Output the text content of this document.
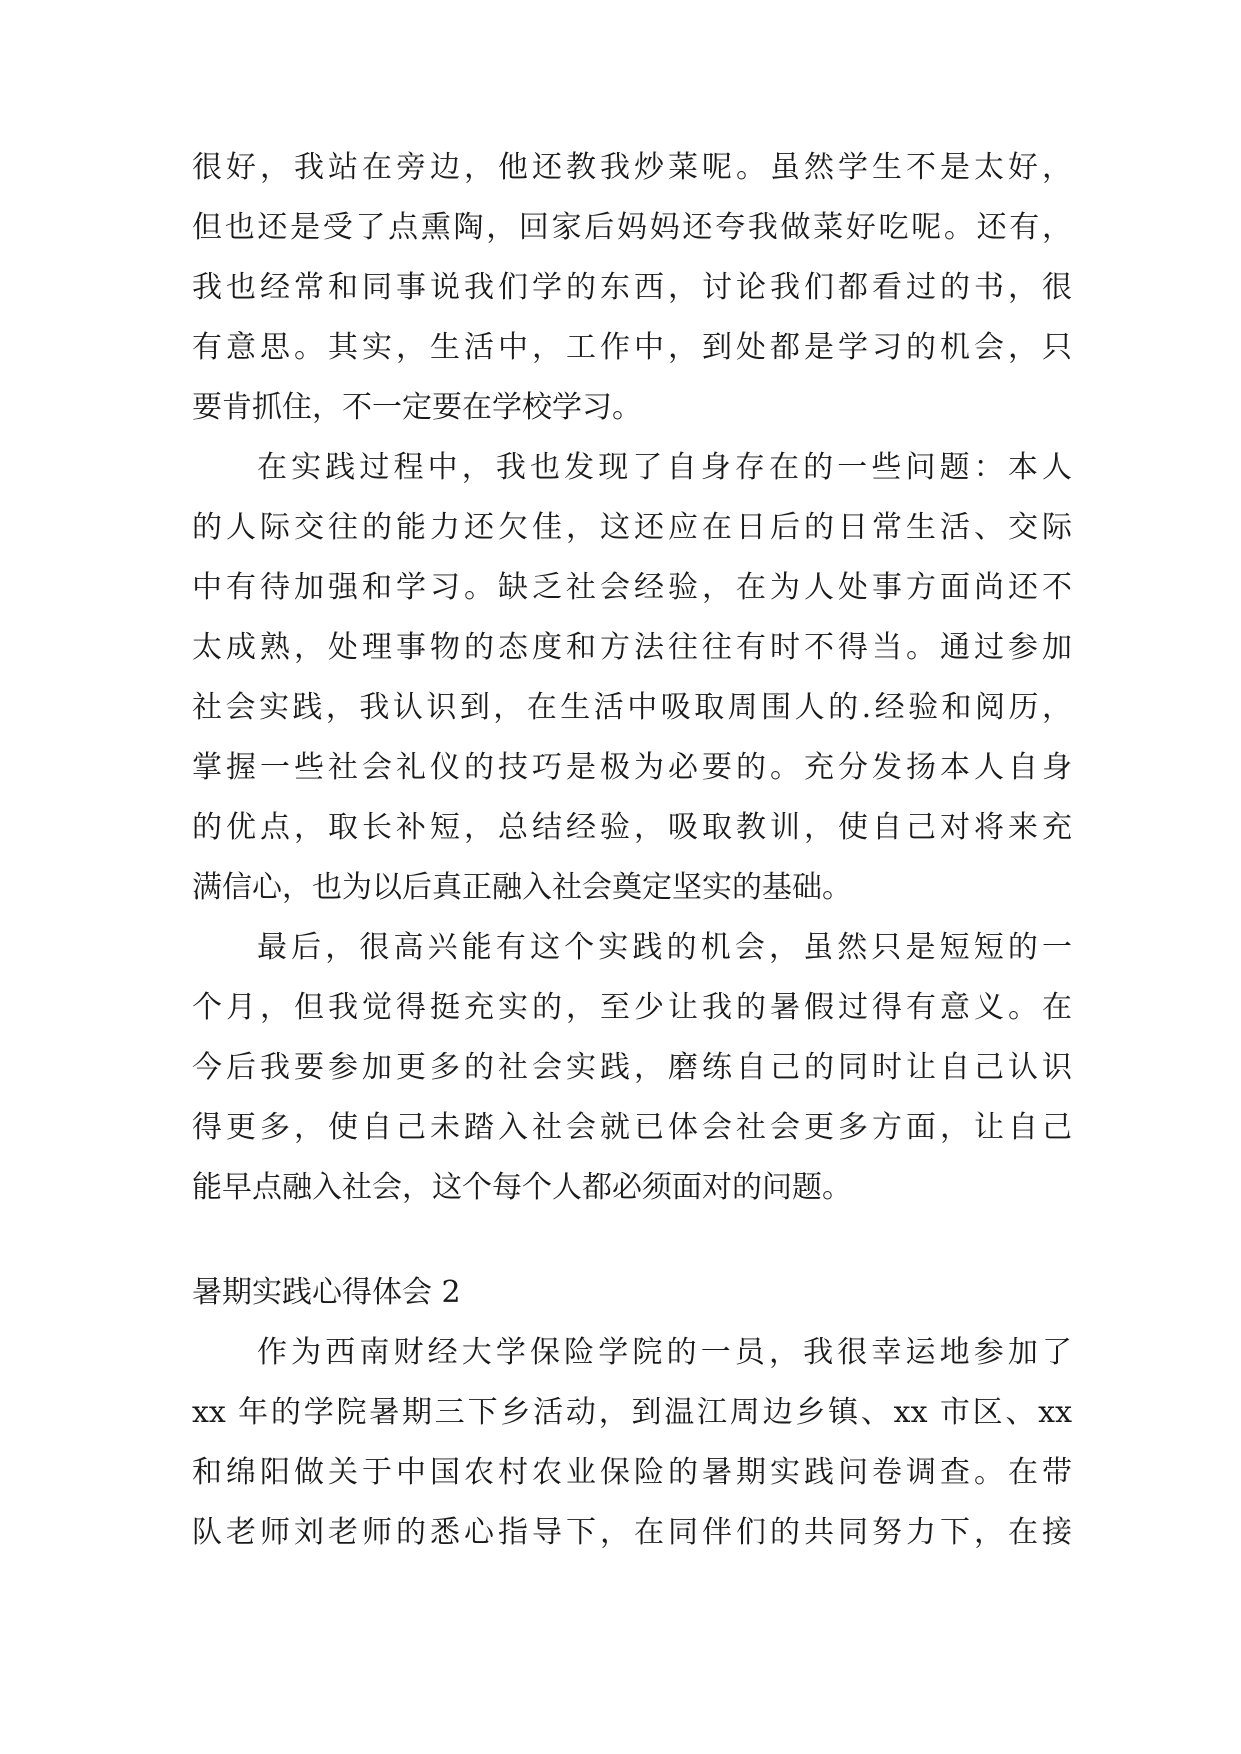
很好，我站在旁边，他还教我炒菜呢。虽然学生不是太好，
但也还是受了点熏陶，回家后妈妈还夸我做菜好吃呢。还有，
我也经常和同事说我们学的东西，讨论我们都看过的书，很
有意思。其实，生活中，工作中，到处都是学习的机会，只
要肯抓住，不一定要在学校学习。
在实践过程中，我也发现了自身存在的一些问题：本人
的人际交往的能力还欠佳，这还应在日后的日常生活、交际
中有待加强和学习。缺乏社会经验，在为人处事方面尚还不
太成熟，处理事物的态度和方法往往有时不得当。通过参加
社会实践，我认识到，在生活中吸取周围人的.经验和阅历，
掌握一些社会礼仪的技巧是极为必要的。充分发扬本人自身
的优点，取长补短，总结经验，吸取教训，使自己对将来充
满信心，也为以后真正融入社会奠定坚实的基础。
最后，很高兴能有这个实践的机会，虽然只是短短的一
个月，但我觉得挺充实的，至少让我的暑假过得有意义。在
今后我要参加更多的社会实践，磨练自己的同时让自己认识
得更多，使自己未踏入社会就已体会社会更多方面，让自己
能早点融入社会，这个每个人都必须面对的问题。
暑期实践心得体会 2
作为西南财经大学保险学院的一员，我很幸运地参加了
xx 年的学院暑期三下乡活动，到温江周边乡镇、xx 市区、xx
和绵阳做关于中国农村农业保险的暑期实践问卷调查。在带
队老师刘老师的悉心指导下，在同伴们的共同努力下，在接
